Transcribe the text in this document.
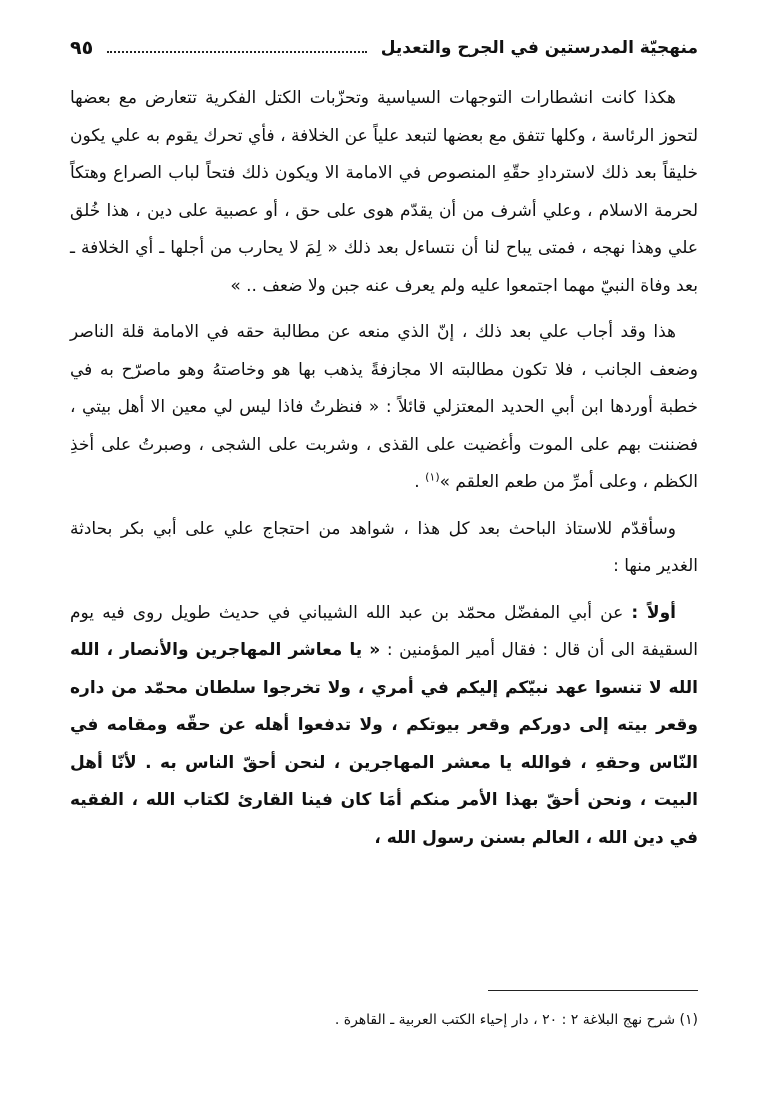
منهجيّة المدرستين في الجرح والتعديل
٩٥

هكذا كانت انشطارات التوجهات السياسية وتحزّبات الكتل الفكرية تتعارض مع بعضها لتحوز الرئاسة ، وكلها تتفق مع بعضها لتبعد علياً عن الخلافة ، فأي تحرك يقوم به علي يكون خليقاً بعد ذلك لاستردادِ حقّهِ المنصوص في الامامة الا ويكون ذلك فتحاً لباب الصراع وهتكاً لحرمة الاسلام ، وعلي أشرف من أن يقدّم هوى على حق ، أو عصبية على دين ، هذا خُلق علي وهذا نهجه ، فمتى يباح لنا أن نتساءل بعد ذلك « لِمَ لا يحارب من أجلها ـ أي الخلافة ـ بعد وفاة النبيّ مهما اجتمعوا عليه ولم يعرف عنه جبن ولا ضعف .. »

هذا وقد أجاب علي بعد ذلك ، إنّ الذي منعه عن مطالبة حقه في الامامة قلة الناصر وضعف الجانب ، فلا تكون مطالبته الا مجازفةً يذهب بها هو وخاصتهُ وهو ماصرّح به في خطبة أوردها ابن أبي الحديد المعتزلي قائلاً : « فنظرتُ فاذا ليس لي معين الا أهل بيتي ، فضننت بهم على الموت وأغضيت على القذى ، وشربت على الشجى ، وصبرتُ على أخذِ الكظم ، وعلى أمرِّ من طعم العلقم »$^{(١)}$ .

وسأقدّم للاستاذ الباحث بعد كل هذا ، شواهد من احتجاج علي على أبي بكر بحادثة الغدير منها :

أولاً : عن أبي المفضّل محمّد بن عبد الله الشيباني في حديث طويل روى فيه يوم السقيفة الى أن قال : فقال أمير المؤمنين : « يا معاشر المهاجرين والأنصار ، الله الله لا تنسوا عهد نبيّكم إليكم في أمري ، ولا تخرجوا سلطان محمّد من داره وقعر بيته إلى دوركم وقعر بيوتكم ، ولا تدفعوا أهله عن حقّه ومقامه في النّاس وحقهِ ، فوالله يا معشر المهاجرين ، لنحن أحقّ الناس به . لأنّا أهل البيت ، ونحن أحقّ بهذا الأمر منكم أمَا كان فينا القارئ لكتاب الله ، الفقيه في دين الله ، العالم بسنن رسول الله ،

(١) شرح نهج البلاغة ٢ : ٢٠ ، دار إحياء الكتب العربية ـ القاهرة .
